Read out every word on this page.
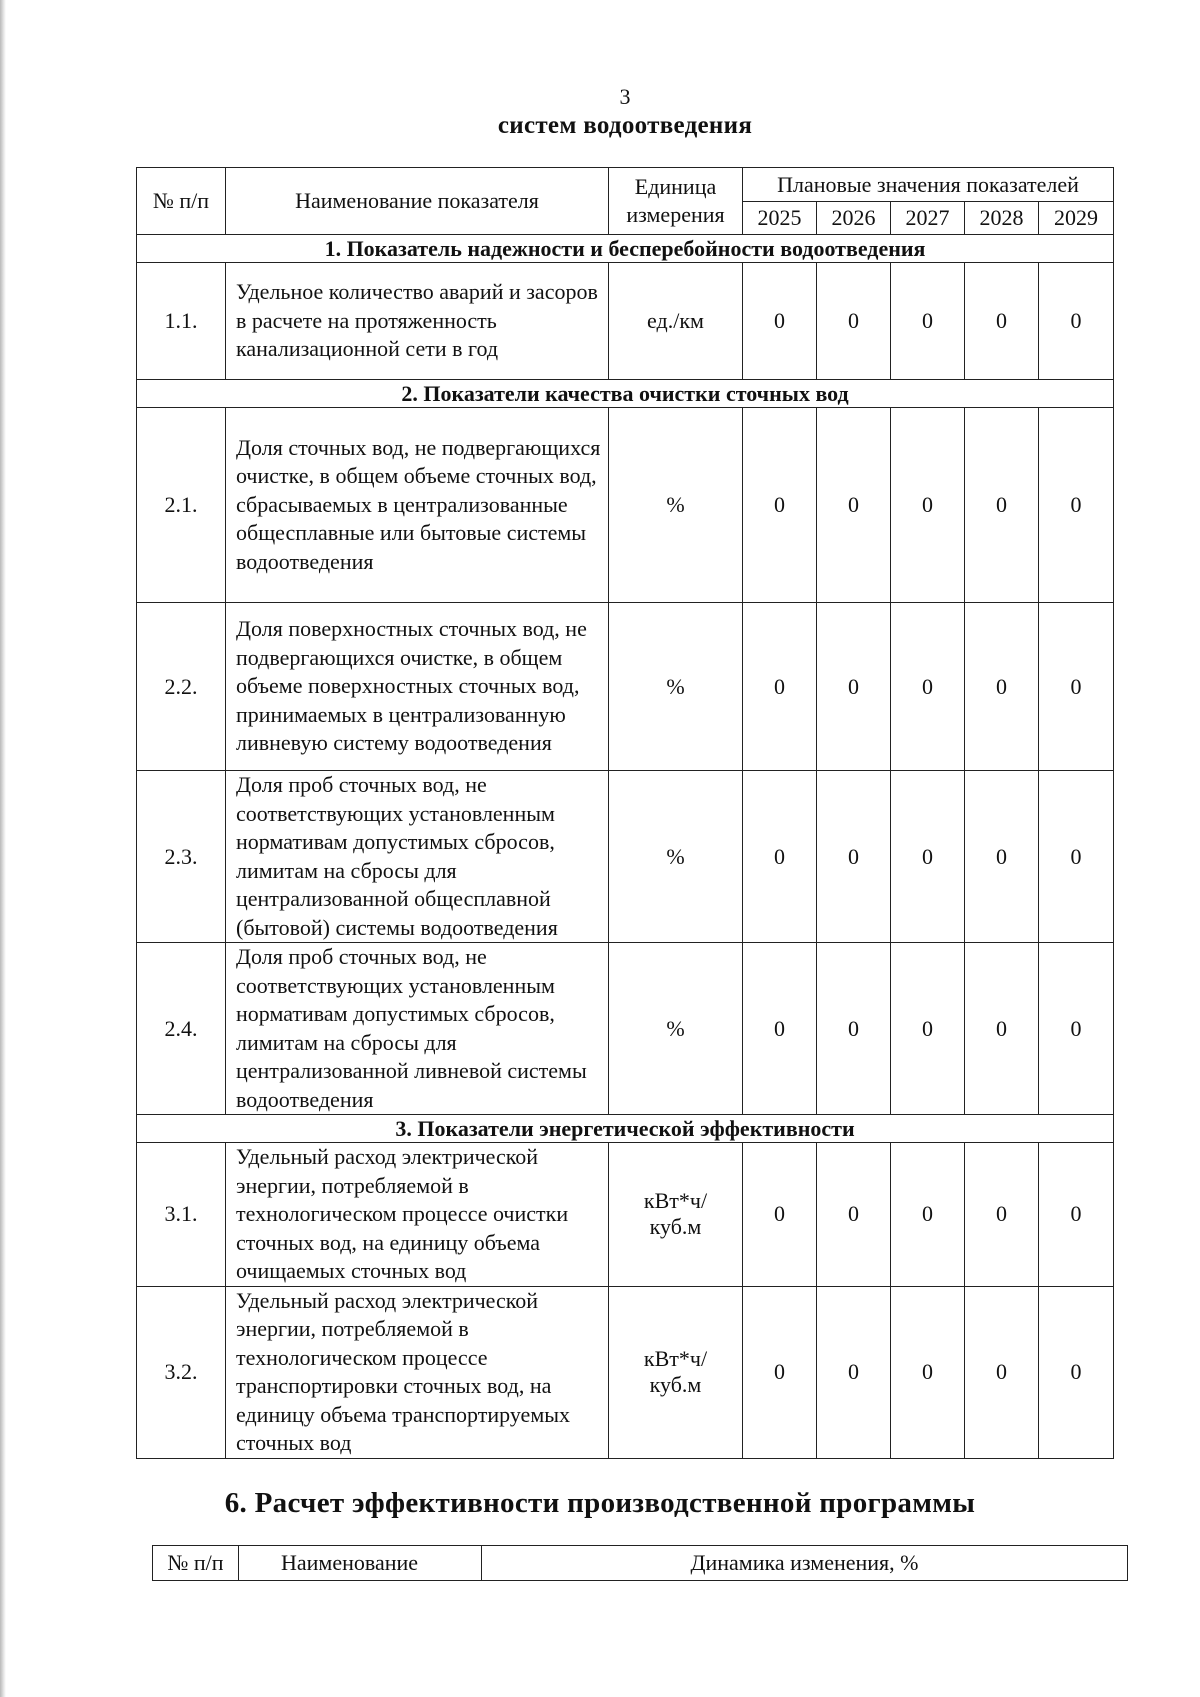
3
систем водоотведения
№ п/п	Наименование показателя	Единица
измерения	Плановые значения показателей				
			2025	2026	2027	2028	2029
1. Показатель надежности и бесперебойности водоотведения							
1.1.	Удельное количество аварий и засоров в расчете на протяженность канализационной сети в год	ед./км	0	0	0	0	0
2. Показатели качества очистки сточных вод							
2.1.	Доля сточных вод, не подвергающихся очистке, в общем объеме сточных вод, сбрасываемых в централизованные общесплавные или бытовые системы водоотведения	%	0	0	0	0	0
2.2.	Доля поверхностных сточных вод, не подвергающихся очистке, в общем объеме поверхностных сточных вод, принимаемых в централизованную ливневую систему водоотведения	%	0	0	0	0	0
2.3.	Доля проб сточных вод, не соответствующих установленным нормативам допустимых сбросов, лимитам на сбросы для централизованной общесплавной (бытовой) системы водоотведения	%	0	0	0	0	0
2.4.	Доля проб сточных вод, не соответствующих установленным нормативам допустимых сбросов, лимитам на сбросы для централизованной ливневой системы водоотведения	%	0	0	0	0	0
3. Показатели энергетической эффективности							
3.1.	Удельный расход электрической энергии, потребляемой в технологическом процессе очистки сточных вод, на единицу объема очищаемых сточных вод	кВт*ч/
куб.м	0	0	0	0	0
3.2.	Удельный расход электрической энергии, потребляемой в технологическом процессе транспортировки сточных вод, на единицу объема транспортируемых сточных вод	кВт*ч/
куб.м	0	0	0	0	0
6. Расчет эффективности производственной программы
№ п/п	Наименование	Динамика изменения, %
